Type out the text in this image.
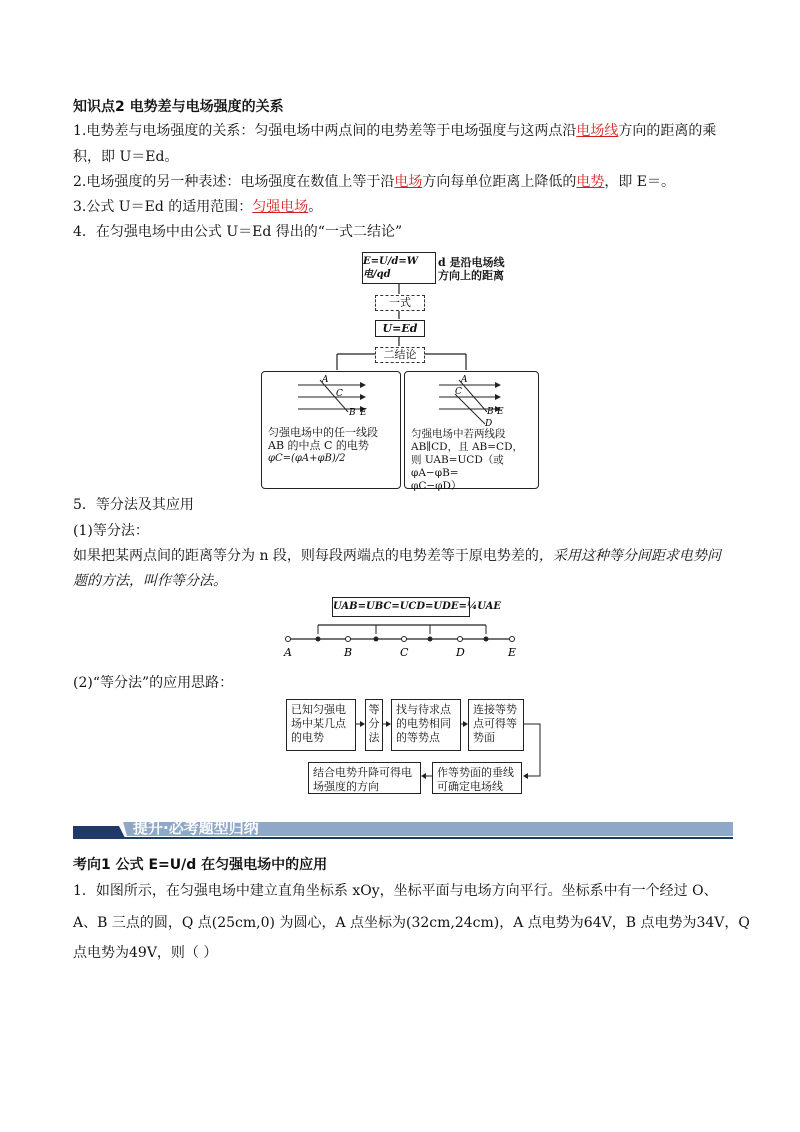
知识点2 电势差与电场强度的关系
1.电势差与电场强度的关系：匀强电场中两点间的电势差等于电场强度与这两点沿电场线方向的距离的乘
积，即 U＝Ed。
2.电场强度的另一种表述：电场强度在数值上等于沿电场方向每单位距离上降低的电势，即 E＝。
3.公式 U＝Ed 的适用范围：匀强电场。
4．在匀强电场中由公式 U＝Ed 得出的“一式二结论”
E=U/d=W电/qd
d 是沿电场线
方向上的距离
一式
U=Ed
二结论
A
C
B E
匀强电场中的任一线段
AB 的中点 C 的电势
φC=(φA+φB)/2
A
C
B E
D
匀强电场中若两线段
AB∥CD，且 AB=CD，
则 UAB=UCD（或φA−φB=
φC−φD）
5．等分法及其应用
(1)等分法：
如果把某两点间的距离等分为 n 段，则每段两端点的电势差等于原电势差的，采用这种等分间距求电势问
题的方法，叫作等分法。
UAB=UBC=UCD=UDE=¼UAE
A	B	C	D	E
(2)“等分法”的应用思路：
已知匀强电场中某几点的电势
等分法
找与待求点的电势相同的等势点
连接等势点可得等势面
作等势面的垂线可确定电场线
结合电势升降可得电场强度的方向
提升·必考题型归纳
考向1 公式 E=U/d 在匀强电场中的应用
1．如图所示，在匀强电场中建立直角坐标系 xOy，坐标平面与电场方向平行。坐标系中有一个经过 O、
A、B 三点的圆，Q 点(25cm,0) 为圆心，A 点坐标为(32cm,24cm)，A 点电势为64V，B 点电势为34V，Q
点电势为49V，则（ ）
